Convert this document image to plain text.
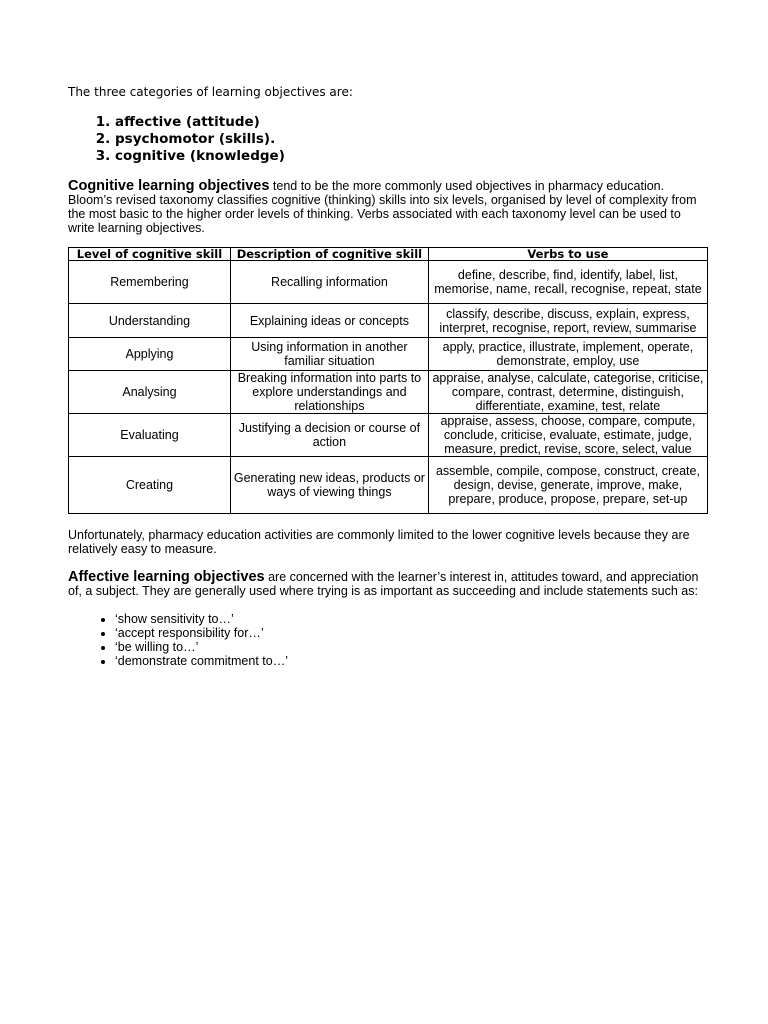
The three categories of learning objectives are:

1. affective (attitude)
2. psychomotor (skills).
3. cognitive (knowledge)

Cognitive learning objectives tend to be the more commonly used objectives in pharmacy education. Bloom’s revised taxonomy classifies cognitive (thinking) skills into six levels, organised by level of complexity from the most basic to the higher order levels of thinking. Verbs associated with each taxonomy level can be used to write learning objectives.

Level of cognitive skill	Description of cognitive skill	Verbs to use
Remembering	Recalling information	define, describe, find, identify, label, list, memorise, name, recall, recognise, repeat, state
Understanding	Explaining ideas or concepts	classify, describe, discuss, explain, express, interpret, recognise, report, review, summarise
Applying	Using information in another familiar situation	apply, practice, illustrate, implement, operate, demonstrate, employ, use
Analysing	Breaking information into parts to explore understandings and relationships	appraise, analyse, calculate, categorise, criticise, compare, contrast, determine, distinguish, differentiate, examine, test, relate
Evaluating	Justifying a decision or course of action	appraise, assess, choose, compare, compute, conclude, criticise, evaluate, estimate, judge, measure, predict, revise, score, select, value
Creating	Generating new ideas, products or ways of viewing things	assemble, compile, compose, construct, create, design, devise, generate, improve, make, prepare, produce, propose, prepare, set-up

Unfortunately, pharmacy education activities are commonly limited to the lower cognitive levels because they are relatively easy to measure.

Affective learning objectives are concerned with the learner’s interest in, attitudes toward, and appreciation of, a subject. They are generally used where trying is as important as succeeding and include statements such as:

• ‘show sensitivity to…’
• ‘accept responsibility for…’
• ‘be willing to…’
• ‘demonstrate commitment to…’
